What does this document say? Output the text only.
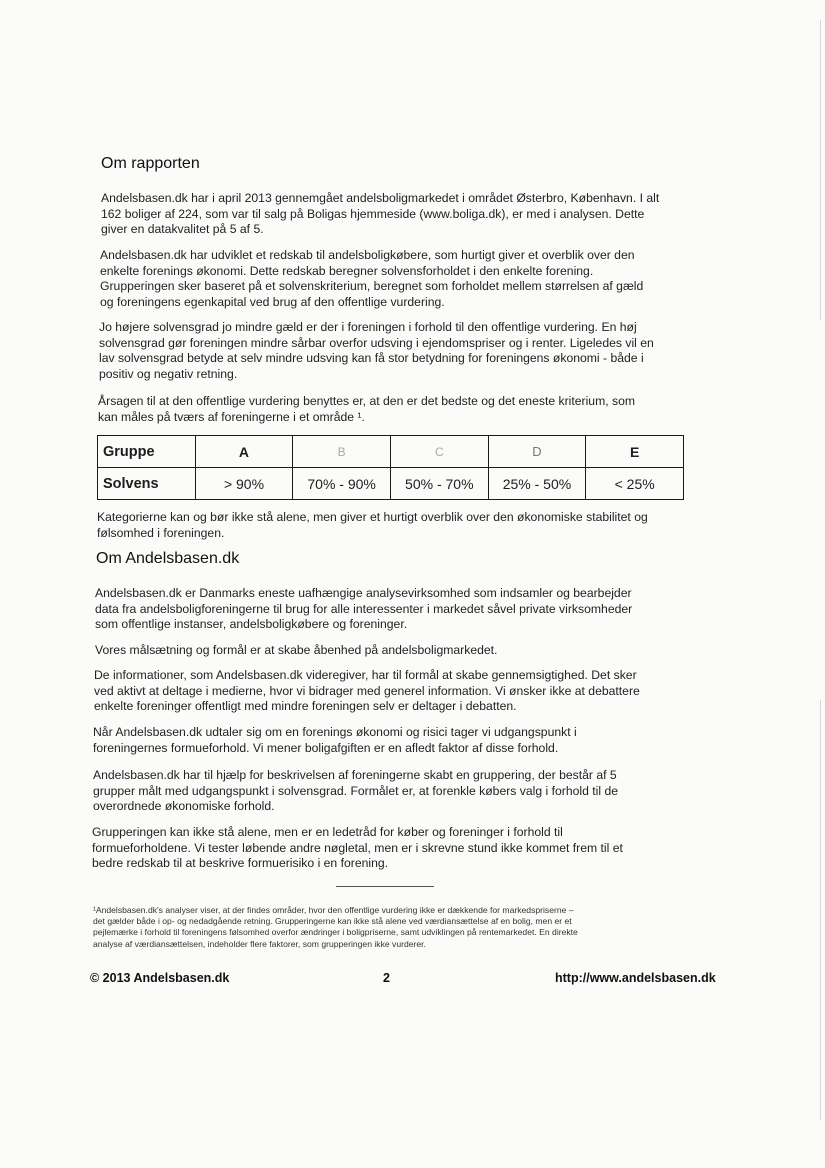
Om rapporten

Andelsbasen.dk har i april 2013 gennemgået andelsboligmarkedet i området Østerbro, København. I alt
162 boliger af 224, som var til salg på Boligas hjemmeside (www.boliga.dk), er med i analysen. Dette
giver en datakvalitet på 5 af 5.

Andelsbasen.dk har udviklet et redskab til andelsboligkøbere, som hurtigt giver et overblik over den
enkelte forenings økonomi. Dette redskab beregner solvensforholdet i den enkelte forening.
Grupperingen sker baseret på et solvenskriterium, beregnet som forholdet mellem størrelsen af gæld
og foreningens egenkapital ved brug af den offentlige vurdering.

Jo højere solvensgrad jo mindre gæld er der i foreningen i forhold til den offentlige vurdering. En høj
solvensgrad gør foreningen mindre sårbar overfor udsving i ejendomspriser og i renter. Ligeledes vil en
lav solvensgrad betyde at selv mindre udsving kan få stor betydning for foreningens økonomi - både i
positiv og negativ retning.

Årsagen til at den offentlige vurdering benyttes er, at den er det bedste og det eneste kriterium, som
kan måles på tværs af foreningerne i et område ¹.

Gruppe	A	B	C	D	E
Solvens	> 90%	70% - 90%	50% - 70%	25% - 50%	< 25%

Kategorierne kan og bør ikke stå alene, men giver et hurtigt overblik over den økonomiske stabilitet og
følsomhed i foreningen.

Om Andelsbasen.dk

Andelsbasen.dk er Danmarks eneste uafhængige analysevirksomhed som indsamler og bearbejder
data fra andelsboligforeningerne til brug for alle interessenter i markedet såvel private virksomheder
som offentlige instanser, andelsboligkøbere og foreninger.

Vores målsætning og formål er at skabe åbenhed på andelsboligmarkedet.

De informationer, som Andelsbasen.dk videregiver, har til formål at skabe gennemsigtighed. Det sker
ved aktivt at deltage i medierne, hvor vi bidrager med generel information. Vi ønsker ikke at debattere
enkelte foreninger offentligt med mindre foreningen selv er deltager i debatten.

Når Andelsbasen.dk udtaler sig om en forenings økonomi og risici tager vi udgangspunkt i
foreningernes formueforhold. Vi mener boligafgiften er en afledt faktor af disse forhold.

Andelsbasen.dk har til hjælp for beskrivelsen af foreningerne skabt en gruppering, der består af 5
grupper målt med udgangspunkt i solvensgrad. Formålet er, at forenkle købers valg i forhold til de
overordnede økonomiske forhold.

Grupperingen kan ikke stå alene, men er en ledetråd for køber og foreninger i forhold til
formueforholdene. Vi tester løbende andre nøgletal, men er i skrevne stund ikke kommet frem til et
bedre redskab til at beskrive formuerisiko i en forening.

¹Andelsbasen.dk's analyser viser, at der findes områder, hvor den offentlige vurdering ikke er dækkende for markedspriserne –
det gælder både i op- og nedadgående retning. Grupperingerne kan ikke stå alene ved værdiansættelse af en bolig, men er et
pejlemærke i forhold til foreningens følsomhed overfor ændringer i boligpriserne, samt udviklingen på rentemarkedet. En direkte
analyse af værdiansættelsen, indeholder flere faktorer, som grupperingen ikke vurderer.

© 2013 Andelsbasen.dk	2	http://www.andelsbasen.dk
